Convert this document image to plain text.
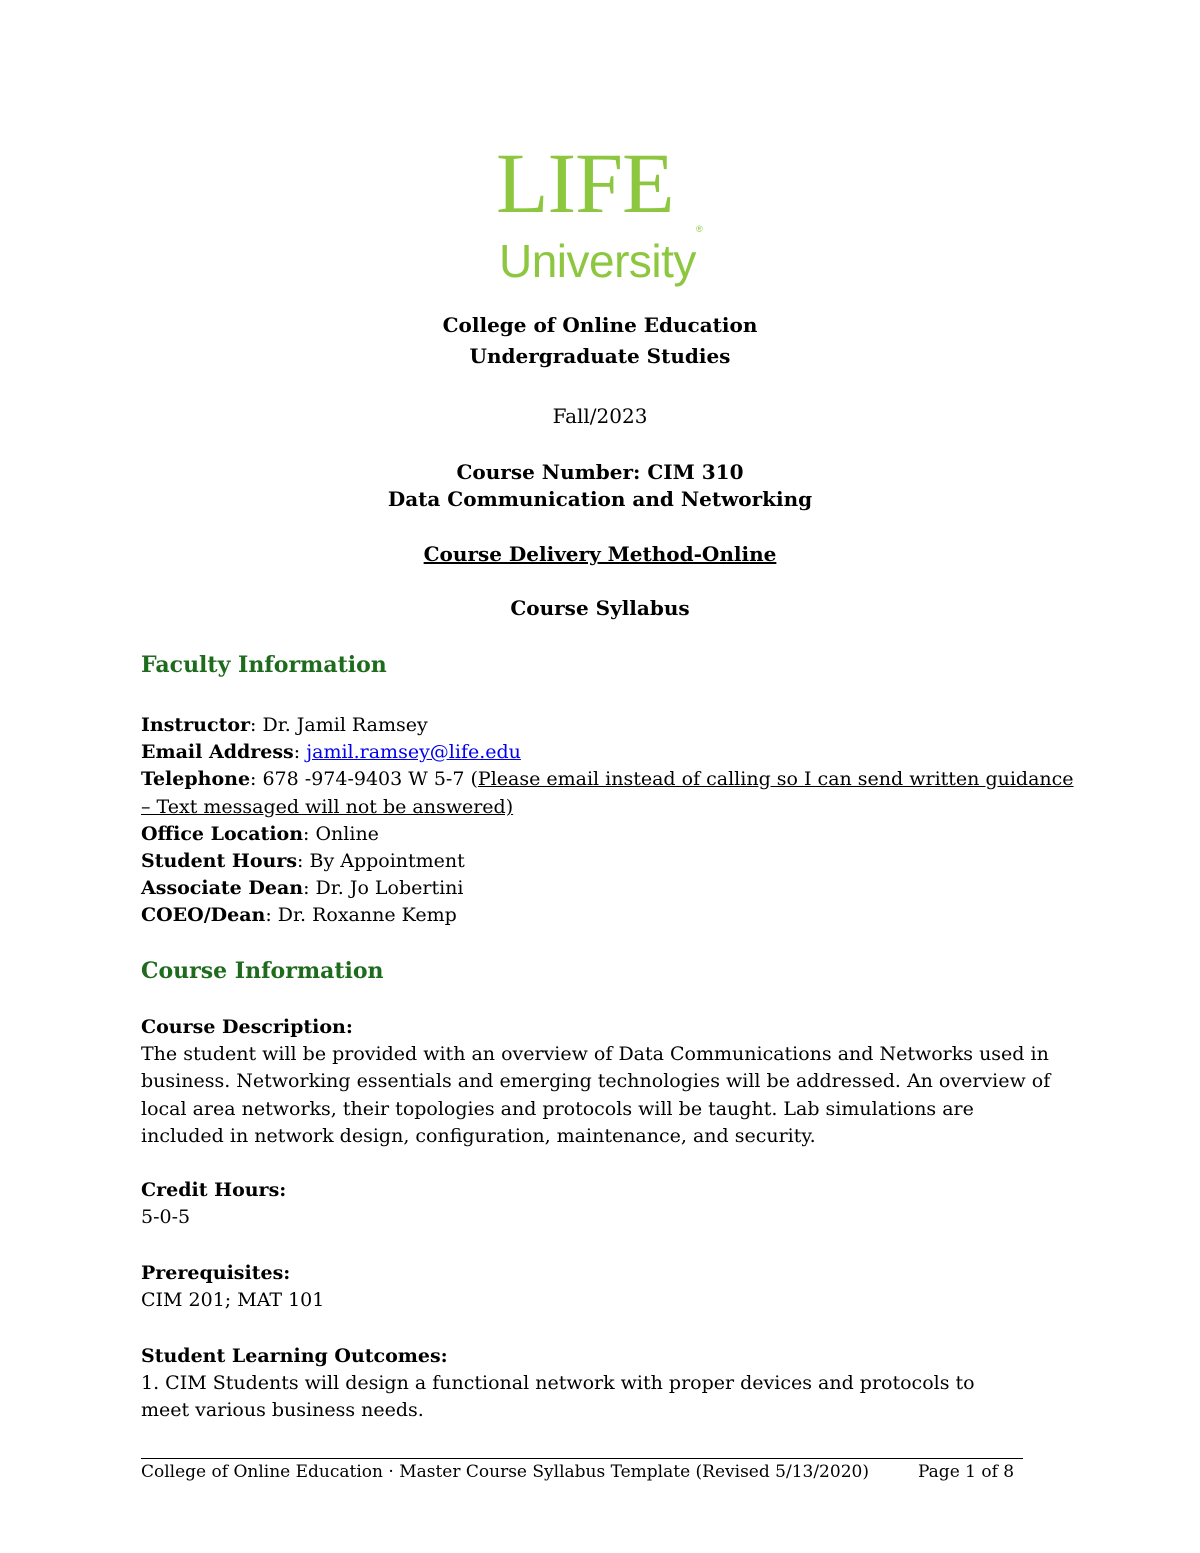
LIFE ®
University
College of Online Education
Undergraduate Studies
Fall/2023
Course Number: CIM 310
Data Communication and Networking
Course Delivery Method-Online
Course Syllabus
Faculty Information
Instructor: Dr. Jamil Ramsey
Email Address: jamil.ramsey@life.edu
Telephone: 678 -974-9403 W 5-7 (Please email instead of calling so I can send written guidance
– Text messaged will not be answered)
Office Location: Online
Student Hours: By Appointment
Associate Dean: Dr. Jo Lobertini
COEO/Dean: Dr. Roxanne Kemp
Course Information
Course Description:
The student will be provided with an overview of Data Communications and Networks used in business. Networking essentials and emerging technologies will be addressed. An overview of local area networks, their topologies and protocols will be taught. Lab simulations are included in network design, configuration, maintenance, and security.
Credit Hours:
5-0-5
Prerequisites:
CIM 201; MAT 101
Student Learning Outcomes:
1. CIM Students will design a functional network with proper devices and protocols to meet various business needs.
College of Online Education · Master Course Syllabus Template (Revised 5/13/2020)	Page 1 of 8
